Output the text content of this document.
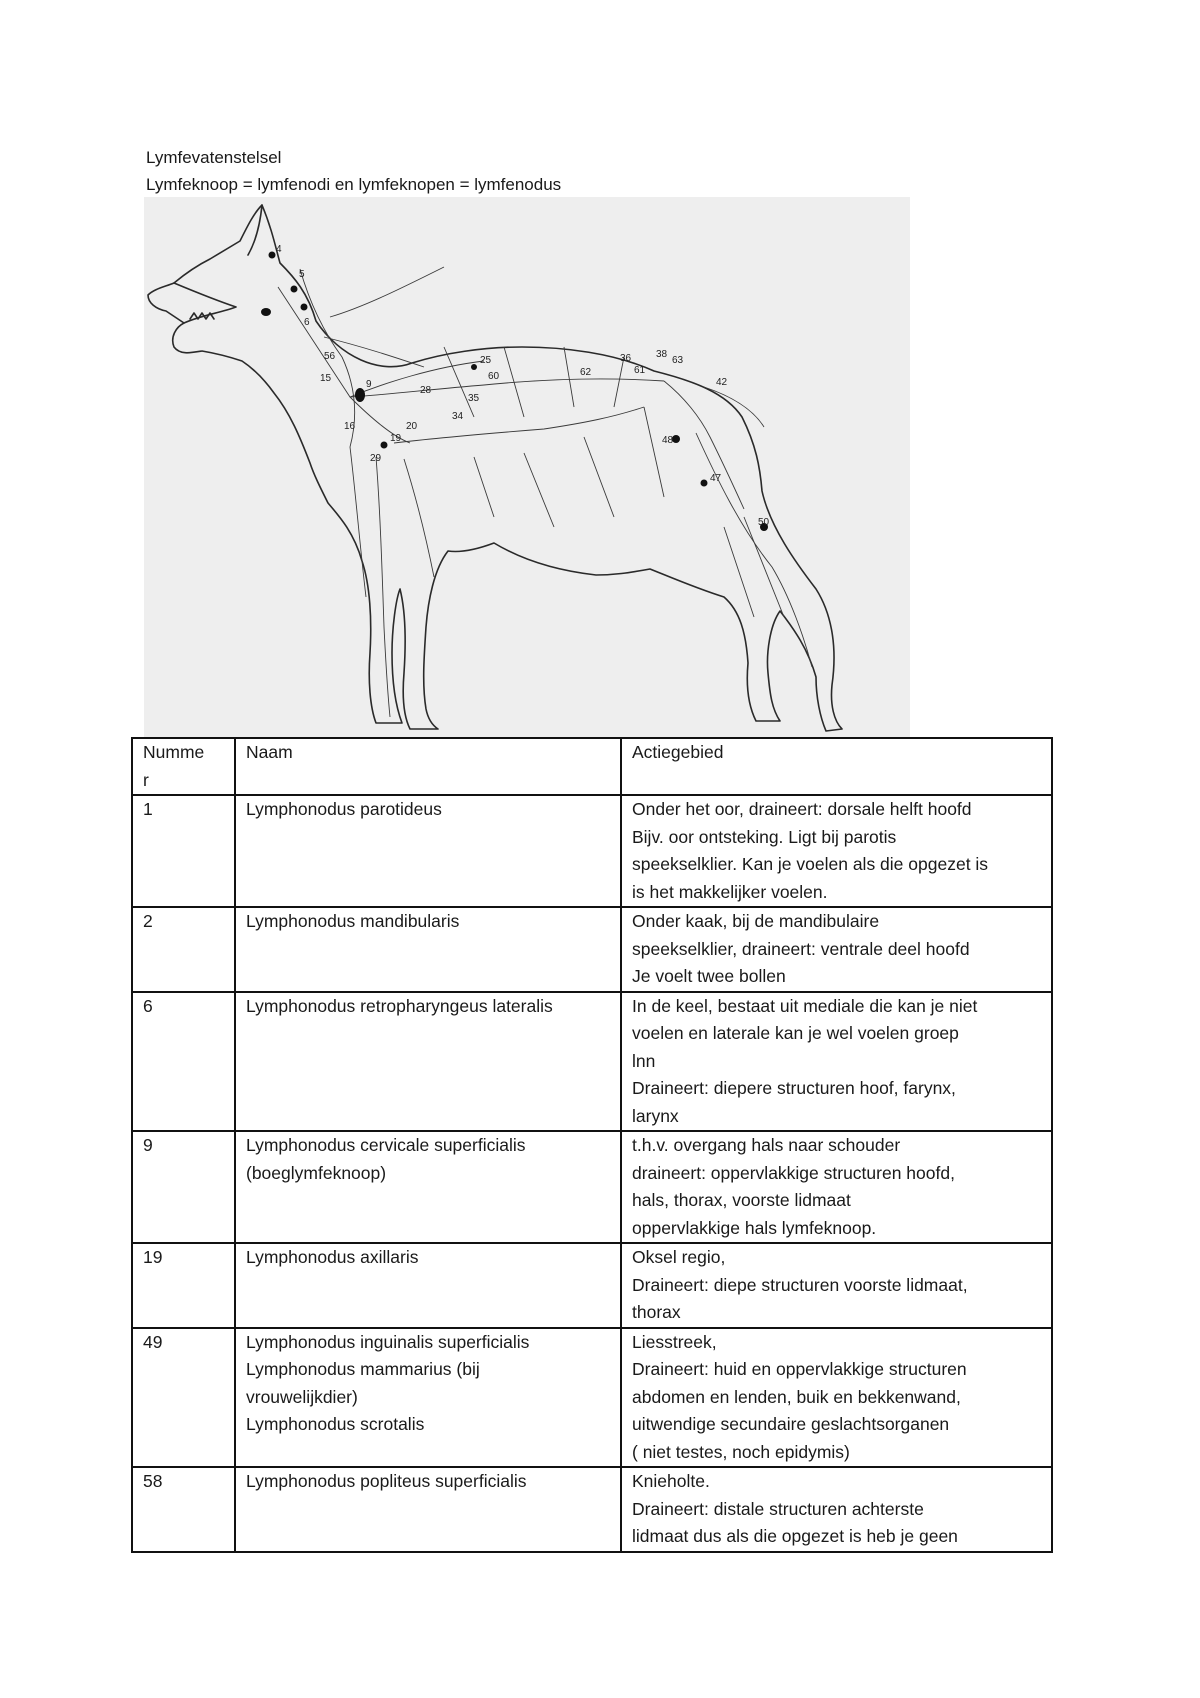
Lymfevatenstelsel
Lymfeknoop = lymfenodi en lymfeknopen = lymfenodus
4
5
6
56
15
9
25
60
28
35
34
16	20
19
29
62
36
61
38
63
42
48
47
50
Numme
r	Naam	Actiegebied
1	Lymphonodus parotideus	Onder het oor, draineert: dorsale helft hoofd
Bijv. oor ontsteking. Ligt bij parotis
speekselklier. Kan je voelen als die opgezet is
is het makkelijker voelen.

2	Lymphonodus mandibularis	Onder kaak, bij de mandibulaire
speekselklier, draineert: ventrale deel hoofd
Je voelt twee bollen

6	Lymphonodus retropharyngeus lateralis	In de keel, bestaat uit mediale die kan je niet
voelen en laterale kan je wel voelen groep
lnn
Draineert: diepere structuren hoof, farynx,
larynx

9	Lymphonodus cervicale superficialis
(boeglymfeknoop)	t.h.v. overgang hals naar schouder
draineert: oppervlakkige structuren hoofd,
hals, thorax, voorste lidmaat
oppervlakkige hals lymfeknoop.

19	Lymphonodus axillaris	Oksel regio,
Draineert: diepe structuren voorste lidmaat,
thorax

49	Lymphonodus inguinalis superficialis
Lymphonodus mammarius (bij
vrouwelijkdier)
Lymphonodus scrotalis	Liesstreek,
Draineert: huid en oppervlakkige structuren
abdomen en lenden, buik en bekkenwand,
uitwendige secundaire geslachtsorganen
( niet testes, noch epidymis)

58	Lymphonodus popliteus superficialis	Knieholte.
Draineert: distale structuren achterste
lidmaat dus als die opgezet is heb je geen
